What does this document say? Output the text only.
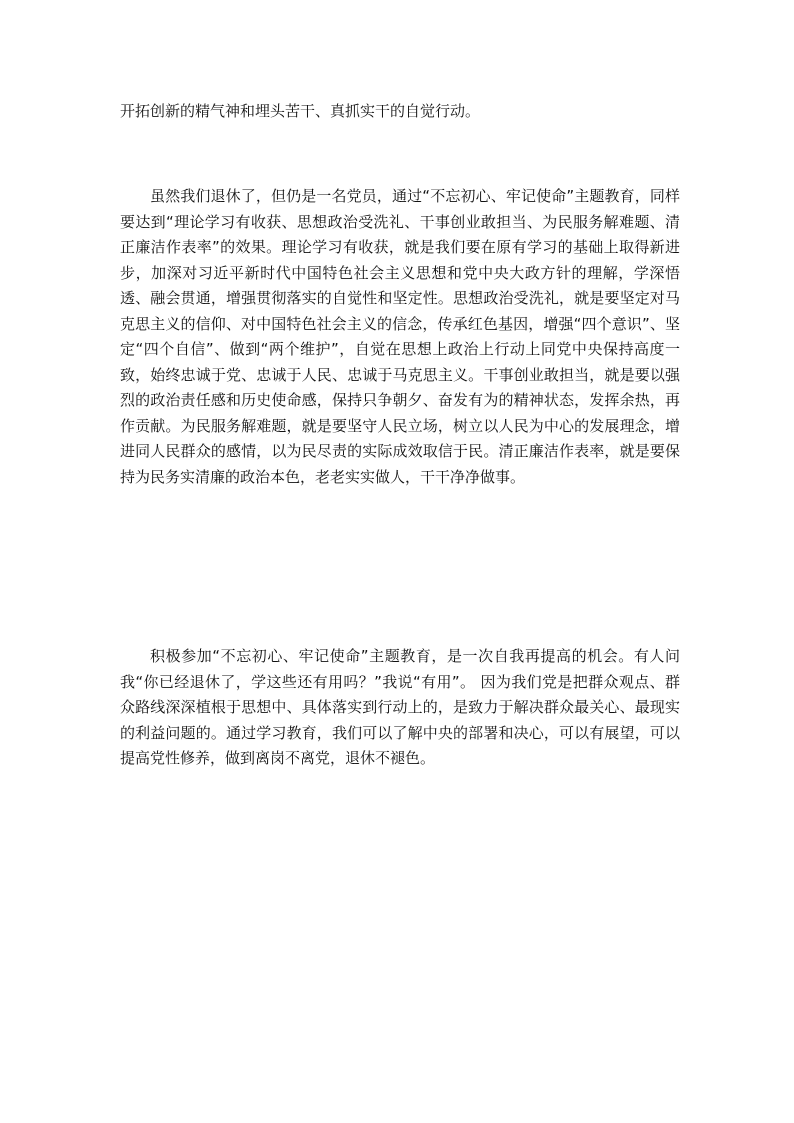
开拓创新的精气神和埋头苦干、真抓实干的自觉行动。

虽然我们退休了，但仍是一名党员，通过“不忘初心、牢记使命”主题教育，同样要达到“理论学习有收获、思想政治受洗礼、干事创业敢担当、为民服务解难题、清正廉洁作表率”的效果。理论学习有收获，就是我们要在原有学习的基础上取得新进步，加深对习近平新时代中国特色社会主义思想和党中央大政方针的理解，学深悟透、融会贯通，增强贯彻落实的自觉性和坚定性。思想政治受洗礼，就是要坚定对马克思主义的信仰、对中国特色社会主义的信念，传承红色基因，增强“四个意识”、坚定“四个自信”、做到“两个维护”，自觉在思想上政治上行动上同党中央保持高度一致，始终忠诚于党、忠诚于人民、忠诚于马克思主义。干事创业敢担当，就是要以强烈的政治责任感和历史使命感，保持只争朝夕、奋发有为的精神状态，发挥余热，再作贡献。为民服务解难题，就是要坚守人民立场，树立以人民为中心的发展理念，增进同人民群众的感情，以为民尽责的实际成效取信于民。清正廉洁作表率，就是要保持为民务实清廉的政治本色，老老实实做人，干干净净做事。

积极参加“不忘初心、牢记使命”主题教育，是一次自我再提高的机会。有人问我“你已经退休了，学这些还有用吗？”我说“有用”。 因为我们党是把群众观点、群众路线深深植根于思想中、具体落实到行动上的，是致力于解决群众最关心、最现实的利益问题的。通过学习教育，我们可以了解中央的部署和决心，可以有展望，可以提高党性修养，做到离岗不离党，退休不褪色。
